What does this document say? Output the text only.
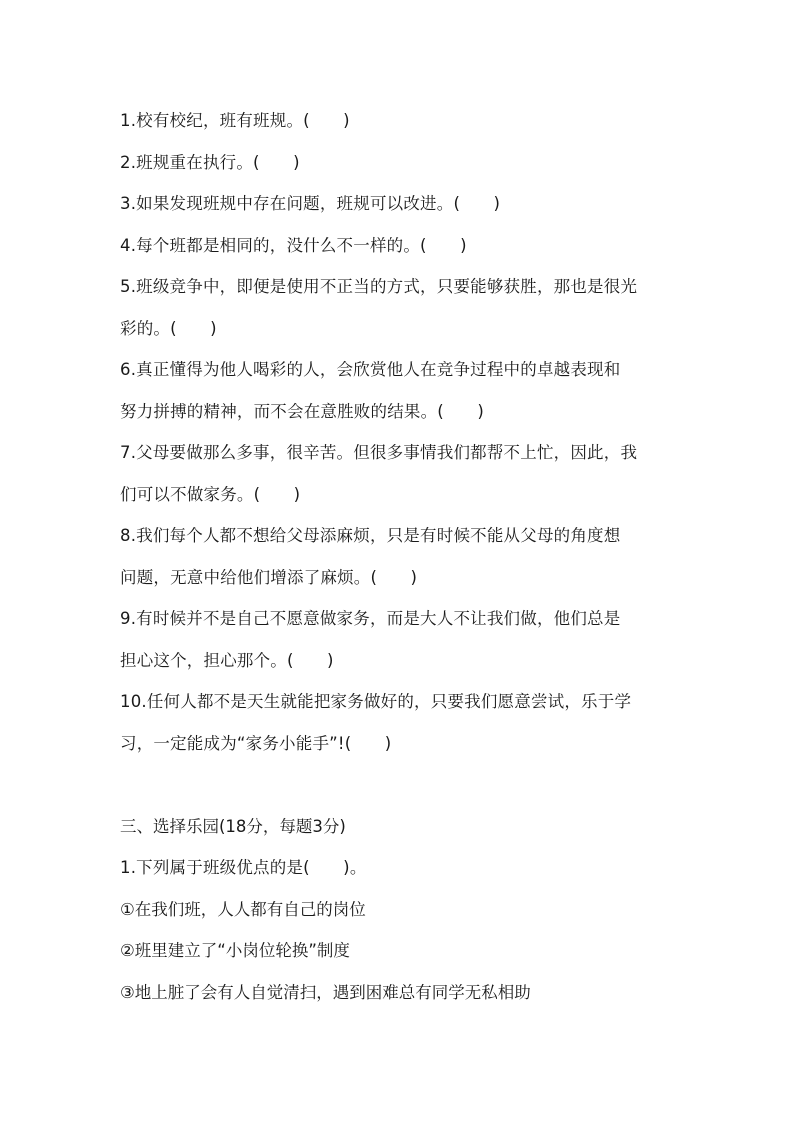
1.校有校纪，班有班规。(　　)
2.班规重在执行。(　　)
3.如果发现班规中存在问题，班规可以改进。(　　)
4.每个班都是相同的，没什么不一样的。(　　)
5.班级竞争中，即便是使用不正当的方式，只要能够获胜，那也是很光
彩的。(　　)
6.真正懂得为他人喝彩的人，会欣赏他人在竞争过程中的卓越表现和
努力拼搏的精神，而不会在意胜败的结果。(　　)
7.父母要做那么多事，很辛苦。但很多事情我们都帮不上忙，因此，我
们可以不做家务。(　　)
8.我们每个人都不想给父母添麻烦，只是有时候不能从父母的角度想
问题，无意中给他们增添了麻烦。(　　)
9.有时候并不是自己不愿意做家务，而是大人不让我们做，他们总是
担心这个，担心那个。(　　)
10.任何人都不是天生就能把家务做好的，只要我们愿意尝试，乐于学
习，一定能成为“家务小能手”!(　　)
三、选择乐园(18分，每题3分)
1.下列属于班级优点的是(　　)。
①在我们班，人人都有自己的岗位
②班里建立了“小岗位轮换”制度
③地上脏了会有人自觉清扫，遇到困难总有同学无私相助
